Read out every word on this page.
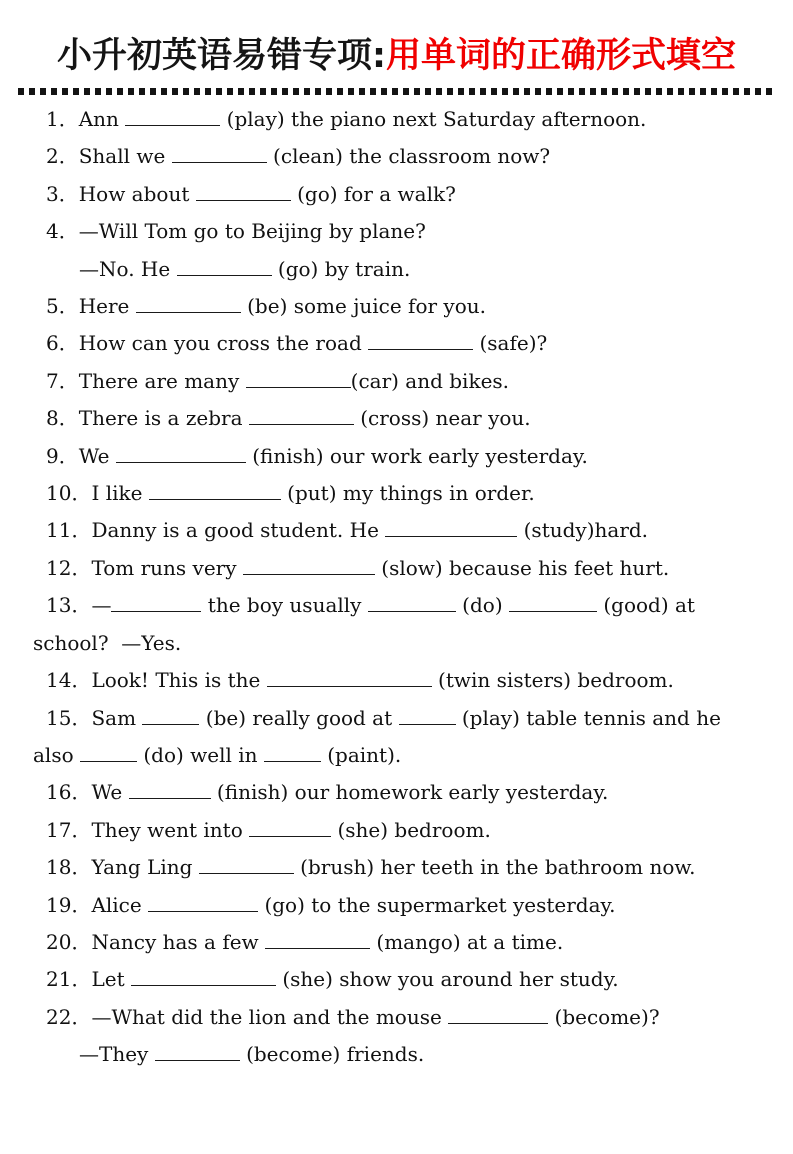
小升初英语易错专项:用单词的正确形式填空
1．Ann	(play) the piano next Saturday afternoon.
2．Shall we	(clean) the classroom now?
3．How about	(go) for a walk?
4．—Will Tom go to Beijing by plane?
—No. He	(go) by train.
5．Here	(be) some juice for you.
6．How can you cross the road	(safe)?
7．There are many	(car) and bikes.
8．There is a zebra	(cross) near you.
9．We	(finish) our work early yesterday.
10．I like	(put) my things in order.
11．Danny is a good student. He	(study)hard.
12．Tom runs very	(slow) because his feet hurt.
13．—	the boy usually	(do)	(good) at
school?  —Yes.
14．Look! This is the	(twin sisters) bedroom.
15．Sam	(be) really good at	(play) table tennis and he
also	(do) well in	(paint).
16．We	(finish) our homework early yesterday.
17．They went into	(she) bedroom.
18．Yang Ling	(brush) her teeth in the bathroom now.
19．Alice	(go) to the supermarket yesterday.
20．Nancy has a few	(mango) at a time.
21．Let	(she) show you around her study.
22．—What did the lion and the mouse	(become)?
—They	(become) friends.
